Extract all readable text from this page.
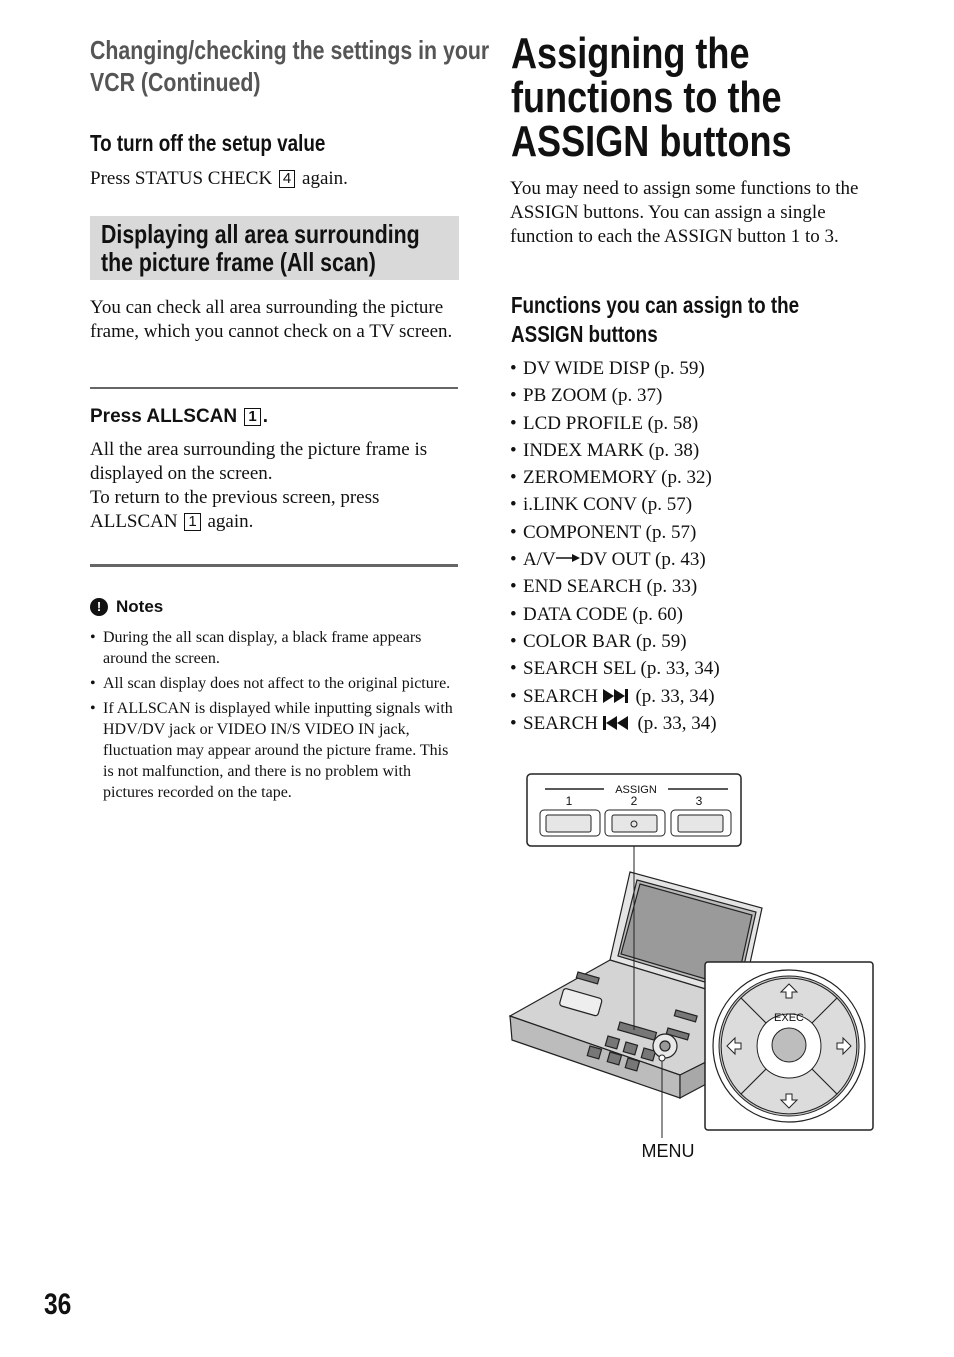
Changing/checking the settings in your VCR (Continued)
To turn off the setup value
Press STATUS CHECK 4 again.
Displaying all area surrounding the picture frame (All scan)
You can check all area surrounding the picture frame, which you cannot check on a TV screen.
Press ALLSCAN 1 .
All the area surrounding the picture frame is displayed on the screen.
To return to the previous screen, press ALLSCAN 1 again.
! Notes
• During the all scan display, a black frame appears around the screen.
• All scan display does not affect to the original picture.
• If ALLSCAN is displayed while inputting signals with HDV/DV jack or VIDEO IN/S VIDEO IN jack, fluctuation may appear around the picture frame. This is not malfunction, and there is no problem with pictures recorded on the tape.
Assigning the functions to the ASSIGN buttons
You may need to assign some functions to the ASSIGN buttons. You can assign a single function to each the ASSIGN button 1 to 3.
Functions you can assign to the ASSIGN buttons
• DV WIDE DISP (p. 59)
• PB ZOOM (p. 37)
• LCD PROFILE (p. 58)
• INDEX MARK (p. 38)
• ZEROMEMORY (p. 32)
• i.LINK CONV (p. 57)
• COMPONENT (p. 57)
• A/V DV OUT (p. 43)
• END SEARCH (p. 33)
• DATA CODE (p. 60)
• COLOR BAR (p. 59)
• SEARCH SEL (p. 33, 34)
• SEARCH (p. 33, 34)
• SEARCH (p. 33, 34)
ASSIGN
1	2	3
EXEC
MENU
36
